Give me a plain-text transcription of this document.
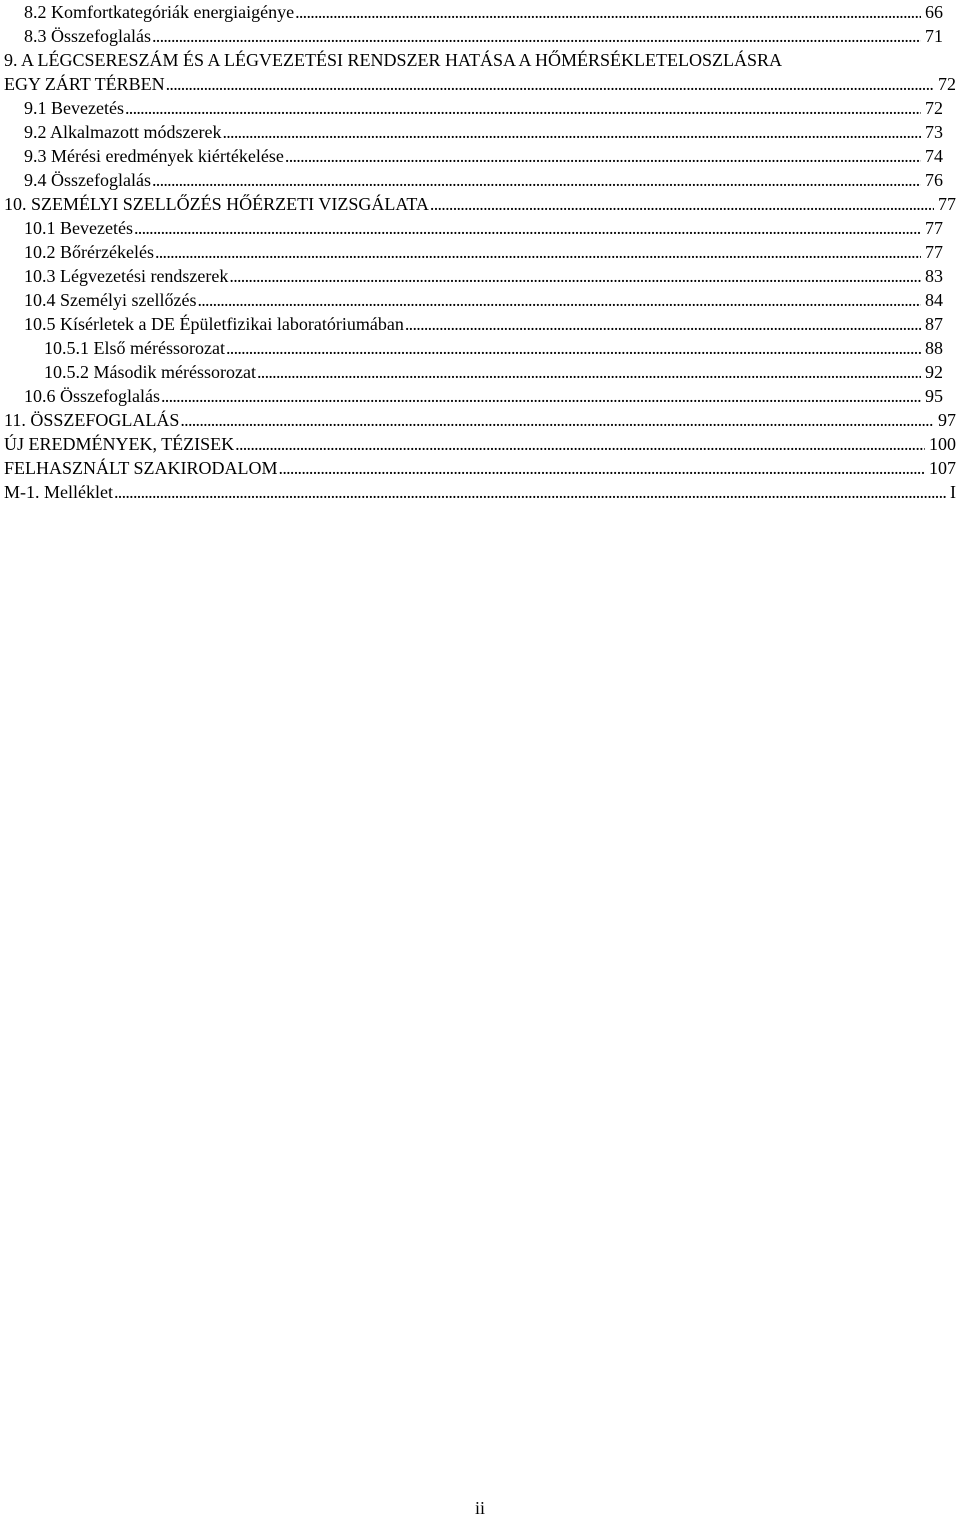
8.2 Komfortkategóriák energiaigénye . . .	66
8.3 Összefoglalás . . .	71
9. A LÉGCSERESZÁM ÉS A LÉGVEZETÉSI RENDSZER HATÁSA A HŐMÉRSÉKLETELOSZLÁSRA
EGY ZÁRT TÉRBEN . . .	72
9.1 Bevezetés . . .	72
9.2 Alkalmazott módszerek . . .	73
9.3 Mérési eredmények kiértékelése . . .	74
9.4 Összefoglalás . . .	76
10. SZEMÉLYI SZELLŐZÉS HŐÉRZETI VIZSGÁLATA . . .	77
10.1 Bevezetés . . .	77
10.2 Bőrérzékelés . . .	77
10.3 Légvezetési rendszerek . . .	83
10.4 Személyi szellőzés . . .	84
10.5 Kísérletek a DE Épületfizikai laboratóriumában . . .	87
10.5.1 Első méréssorozat . . .	88
10.5.2 Második méréssorozat . . .	92
10.6 Összefoglalás . . .	95
11. ÖSSZEFOGLALÁS . . .	97
ÚJ EREDMÉNYEK, TÉZISEK . . .	100
FELHASZNÁLT SZAKIRODALOM . . .	107
M-1. Melléklet . . .	I
ii
